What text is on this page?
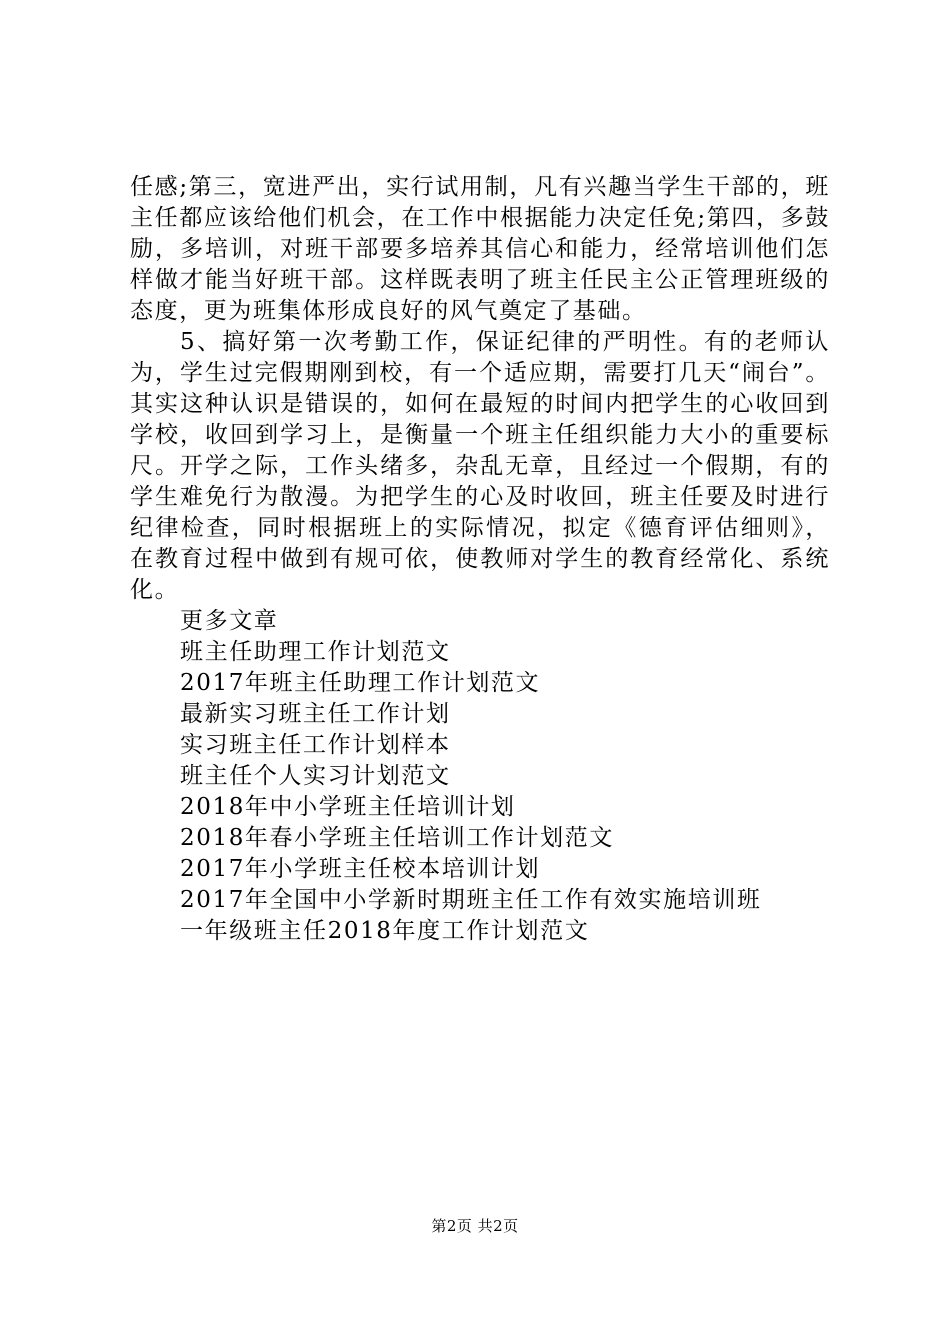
任感;第三，宽进严出，实行试用制，凡有兴趣当学生干部的，班主任都应该给他们机会，在工作中根据能力决定任免;第四，多鼓励，多培训，对班干部要多培养其信心和能力，经常培训他们怎样做才能当好班干部。这样既表明了班主任民主公正管理班级的态度，更为班集体形成良好的风气奠定了基础。

5、搞好第一次考勤工作，保证纪律的严明性。有的老师认为，学生过完假期刚到校，有一个适应期，需要打几天“闹台”。其实这种认识是错误的，如何在最短的时间内把学生的心收回到学校，收回到学习上，是衡量一个班主任组织能力大小的重要标尺。开学之际，工作头绪多，杂乱无章，且经过一个假期，有的学生难免行为散漫。为把学生的心及时收回，班主任要及时进行纪律检查，同时根据班上的实际情况，拟定《德育评估细则》，在教育过程中做到有规可依，使教师对学生的教育经常化、系统化。

更多文章

班主任助理工作计划范文
2017年班主任助理工作计划范文
最新实习班主任工作计划
实习班主任工作计划样本
班主任个人实习计划范文
2018年中小学班主任培训计划
2018年春小学班主任培训工作计划范文
2017年小学班主任校本培训计划
2017年全国中小学新时期班主任工作有效实施培训班
一年级班主任2018年度工作计划范文
第2页 共2页
